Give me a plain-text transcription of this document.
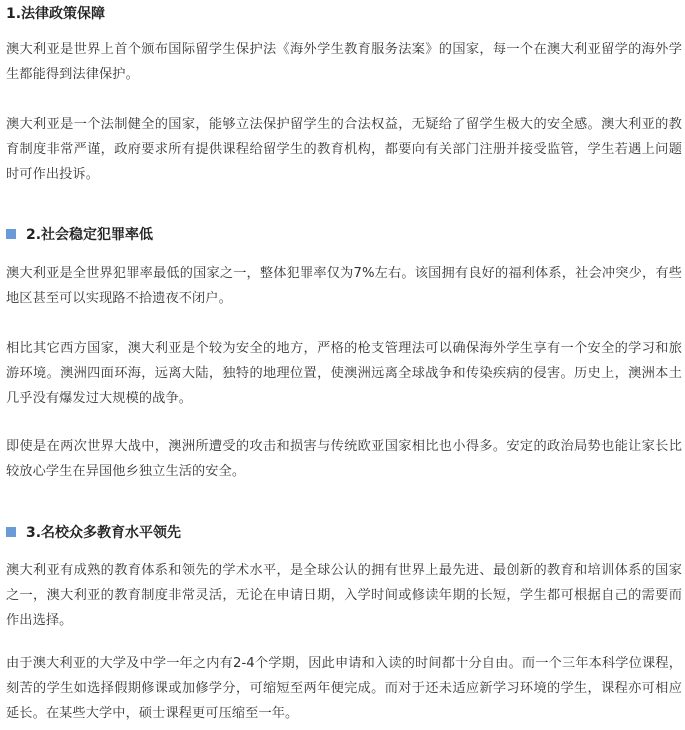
1.法律政策保障
澳大利亚是世界上首个颁布国际留学生保护法《海外学生教育服务法案》的国家，每一个在澳大利亚留学的海外学生都能得到法律保护。
澳大利亚是一个法制健全的国家，能够立法保护留学生的合法权益，无疑给了留学生极大的安全感。澳大利亚的教育制度非常严谨，政府要求所有提供课程给留学生的教育机构，都要向有关部门注册并接受监管，学生若遇上问题时可作出投诉。
2.社会稳定犯罪率低
澳大利亚是全世界犯罪率最低的国家之一，整体犯罪率仅为7%左右。该国拥有良好的福利体系，社会冲突少，有些地区甚至可以实现路不拾遗夜不闭户。
相比其它西方国家，澳大利亚是个较为安全的地方，严格的枪支管理法可以确保海外学生享有一个安全的学习和旅游环境。澳洲四面环海，远离大陆，独特的地理位置，使澳洲远离全球战争和传染疾病的侵害。历史上，澳洲本土几乎没有爆发过大规模的战争。
即使是在两次世界大战中，澳洲所遭受的攻击和损害与传统欧亚国家相比也小得多。安定的政治局势也能让家长比较放心学生在异国他乡独立生活的安全。
3.名校众多教育水平领先
澳大利亚有成熟的教育体系和领先的学术水平，是全球公认的拥有世界上最先进、最创新的教育和培训体系的国家之一，澳大利亚的教育制度非常灵活，无论在申请日期，入学时间或修读年期的长短，学生都可根据自己的需要而作出选择。
由于澳大利亚的大学及中学一年之内有2-4个学期，因此申请和入读的时间都十分自由。而一个三年本科学位课程，刻苦的学生如选择假期修课或加修学分，可缩短至两年便完成。而对于还未适应新学习环境的学生，课程亦可相应延长。在某些大学中，硕士课程更可压缩至一年。
